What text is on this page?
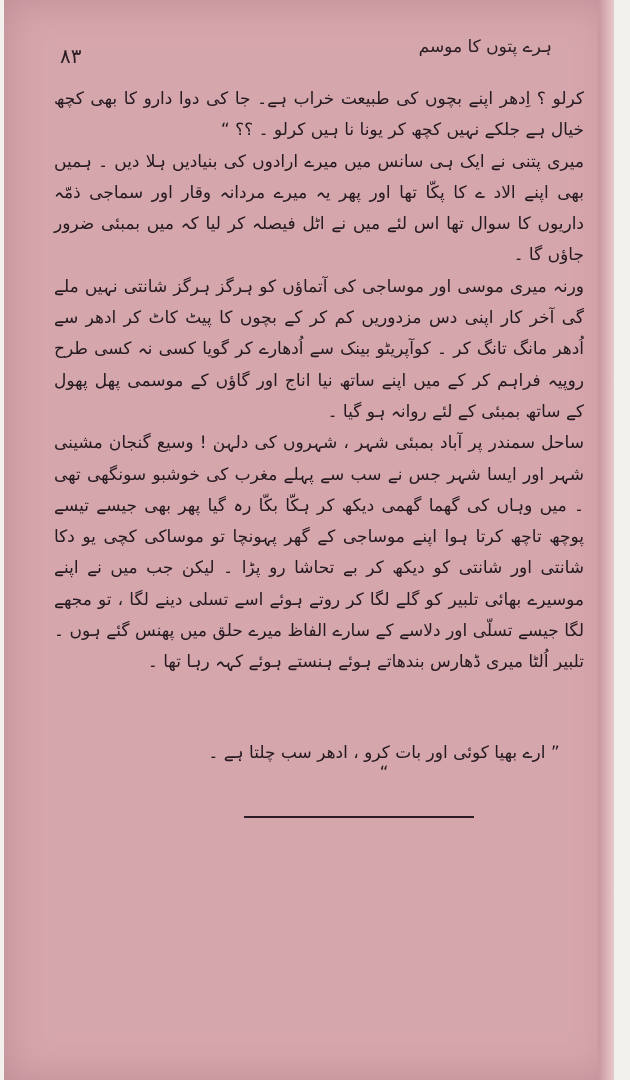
۸۳	ہرے پتوں کا موسم

کرلو ؟ اِدھر اپنے بچوں کی طبیعت خراب ہے۔ جا کی دوا دارو کا بھی کچھ خیال ہے جلکے نہیں کچھ کر یونا نا ہیں کرلو ۔ ؟؟ “

میری پتنی نے ایک ہی سانس میں میرے ارادوں کی بنیادیں ہلا دیں ۔ ہمیں بھی اپنے الاد ے کا پکّا تھا اور پھر یہ میرے مردانہ وقار اور سماجی ذمّہ داریوں کا سوال تھا اس لئے میں نے اٹل فیصلہ کر لیا کہ میں بمبئی ضرور جاؤں گا ۔

ورنہ میری موسی اور موساجی کی آتماؤں کو ہرگز ہرگز شانتی نہیں ملے گی آخر کار اپنی دس مزدوریں کم کر کے بچوں کا پیٹ کاٹ کر ادھر سے اُدھر مانگ تانگ کر ۔ کوآپریٹو بینک سے اُدھارے کر گویا کسی نہ کسی طرح روپیہ فراہم کر کے میں اپنے ساتھ نیا اناج اور گاؤں کے موسمی پھل پھول کے ساتھ بمبئی کے لئے روانہ ہو گیا ۔

ساحل سمندر پر آباد بمبئی شہر ، شہروں کی دلہن ! وسیع گنجان مشینی شہر اور ایسا شہر جس نے سب سے پہلے مغرب کی خوشبو سونگھی تھی ۔ میں وہاں کی گھما گھمی دیکھ کر ہکّا بکّا رہ گیا پھر بھی جیسے تیسے پوچھ تاچھ کرتا ہوا اپنے موساجی کے گھر پہونچا تو موساکی کچی یو دکا شانتی اور شانتی کو دیکھ کر بے تحاشا رو پڑا ۔ لیکن جب میں نے اپنے موسیرے بھائی تلبیر کو گلے لگا کر روتے ہوئے اسے تسلی دینے لگا ، تو مجھے لگا جیسے تسلّی اور دلاسے کے سارے الفاظ میرے حلق میں پھنس گئے ہوں ۔ تلبیر اُلٹا میری ڈھارس بندھاتے ہوئے ہنستے ہوئے کہہ رہا تھا ۔

” ارے بھیا کوئی اور بات کرو ، ادھر سب چلتا ہے ۔ “
